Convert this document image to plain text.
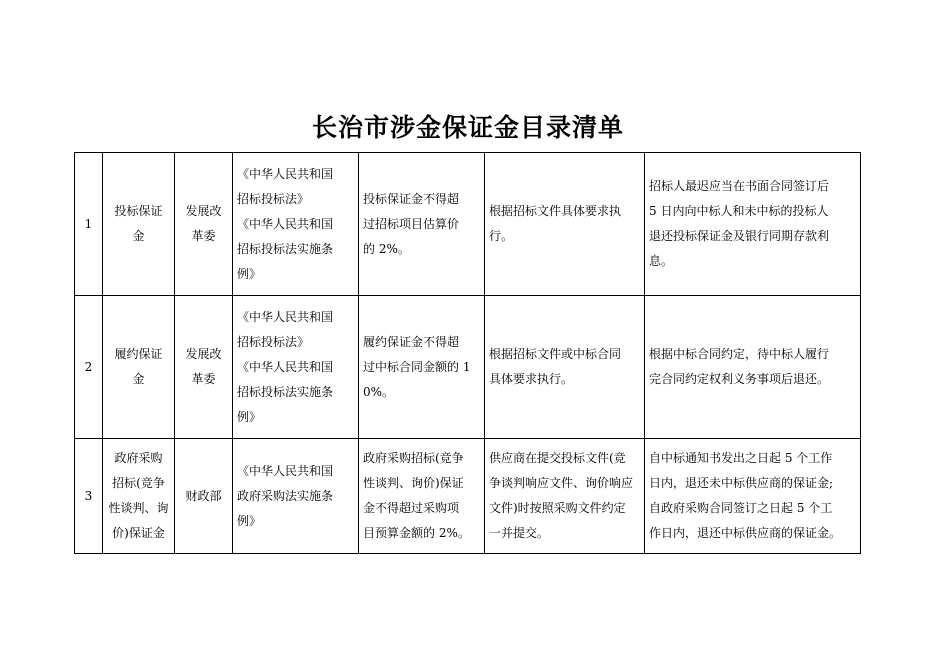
长治市涉金保证金目录清单
1	投标保证
金	发展改
革委	《中华人民共和国
招标投标法》
《中华人民共和国
招标投标法实施条
例》	投标保证金不得超
过招标项目估算价
的 2%。	根据招标文件具体要求执
行。	招标人最迟应当在书面合同签订后
5 日内向中标人和未中标的投标人
退还投标保证金及银行同期存款利
息。

2	履约保证
金	发展改
革委	《中华人民共和国
招标投标法》
《中华人民共和国
招标投标法实施条
例》	履约保证金不得超
过中标合同金额的 1
0%。	根据招标文件或中标合同
具体要求执行。	根据中标合同约定，待中标人履行
完合同约定权利义务事项后退还。

3	政府采购
招标(竞争
性谈判、询
价)保证金	财政部	《中华人民共和国
政府采购法实施条
例》	政府采购招标(竞争
性谈判、询价)保证
金不得超过采购项
目预算金额的 2%。	供应商在提交投标文件(竞
争谈判响应文件、询价响应
文件)时按照采购文件约定
一并提交。	自中标通知书发出之日起 5 个工作
日内，退还未中标供应商的保证金;
自政府采购合同签订之日起 5 个工
作日内，退还中标供应商的保证金。
